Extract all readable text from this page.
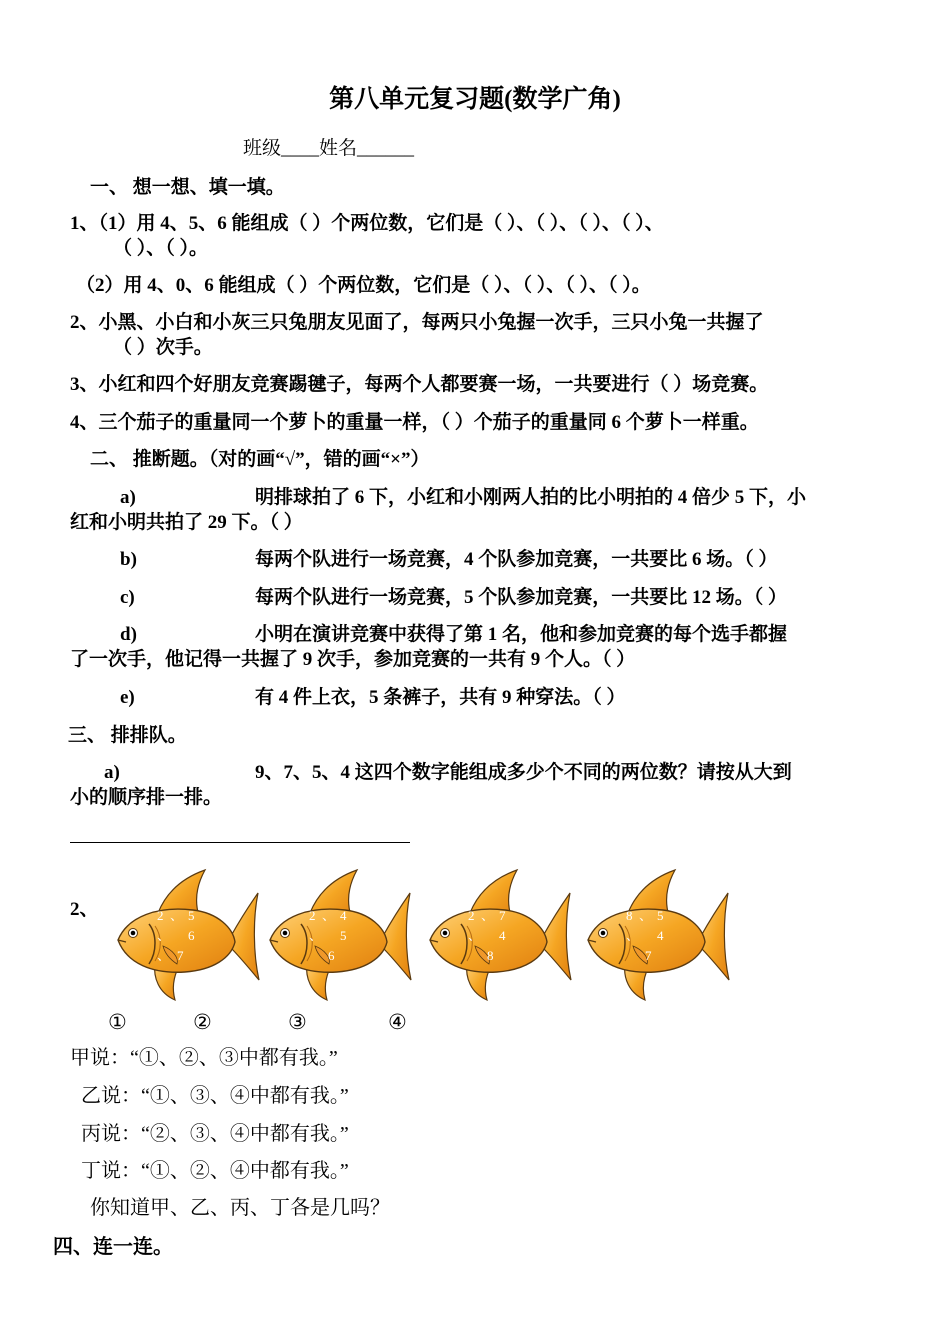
第八单元复习题(数学广角)
班级____姓名______
一、 想一想、填一填。
1、（1）用 4、5、6 能组成（ ）个两位数，它们是（ ）、（ ）、（ ）、（ ）、
（ ）、（ ）。
（2）用 4、0、6 能组成（ ）个两位数，它们是（ ）、（ ）、（ ）、（ ）。
2、小黑、小白和小灰三只兔朋友见面了，每两只小兔握一次手，三只小兔一共握了
（ ）次手。
3、小红和四个好朋友竞赛踢毽子，每两个人都要赛一场，一共要进行（ ）场竞赛。
4、三个茄子的重量同一个萝卜的重量一样，（ ）个茄子的重量同 6 个萝卜一样重。
二、 推断题。（对的画“√”，错的画“×”）
a)	明排球拍了 6 下，小红和小刚两人拍的比小明拍的 4 倍少 5 下，小
红和小明共拍了 29 下。（ ）
b)	每两个队进行一场竞赛，4 个队参加竞赛，一共要比 6 场。（ ）
c)	每两个队进行一场竞赛，5 个队参加竞赛，一共要比 12 场。（ ）
d)	小明在演讲竞赛中获得了第 1 名，他和参加竞赛的每个选手都握
了一次手，他记得一共握了 9 次手，参加竞赛的一共有 9 个人。（ ）
e)	有 4 件上衣，5 条裤子，共有 9 种穿法。（ ）
三、 排排队。
a)	9、7、5、4 这四个数字能组成多少个不同的两位数？请按从大到
小的顺序排一排。
2、	2 、 5
、 6
、 7
2 、 4
、 5
6
2 、 7
、 4
8
8 、 5
、 4
7
①	②	③	④
甲说：“①、②、③中都有我。”
乙说：“①、③、④中都有我。”
丙说：“②、③、④中都有我。”
丁说：“①、②、④中都有我。”
你知道甲、乙、丙、丁各是几吗？
四、连一连。
